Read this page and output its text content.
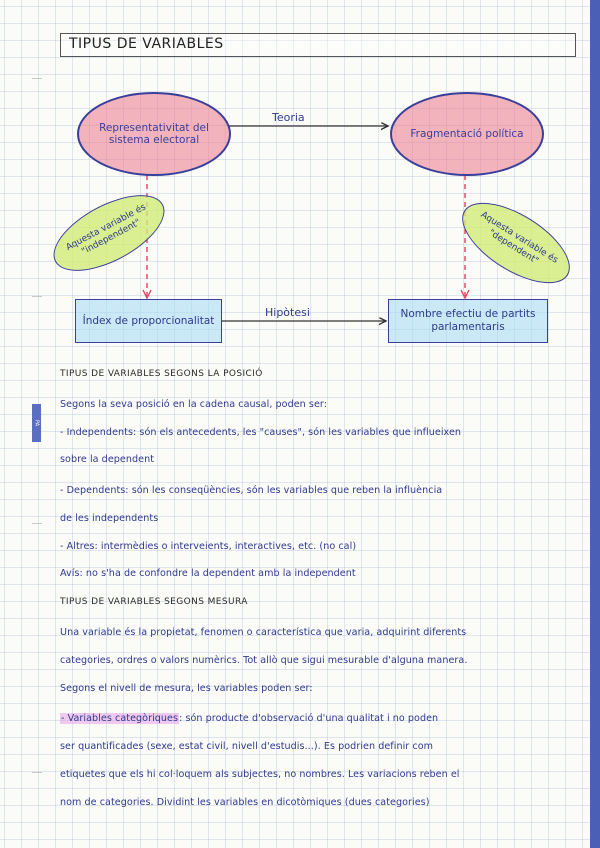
TIPUS DE VARIABLES
Representativitat del sistema electoral	Fragmentació política
Teoria
Aquesta variable és "independent"	Aquesta variable és "dependent"
Índex de proporcionalitat
Nombre efectiu de partits parlamentaris
Hipòtesi
PA
TIPUS DE VARIABLES SEGONS LA POSICIÓ
Segons la seva posició en la cadena causal, poden ser:
- Independents: són els antecedents, les "causes", són les variables que influeixen
sobre la dependent
- Dependents: són les conseqüències, són les variables que reben la influència
de les independents
- Altres: intermèdies o interveients, interactives, etc. (no cal)
Avís: no s'ha de confondre la dependent amb la independent
TIPUS DE VARIABLES SEGONS MESURA
Una variable és la propietat, fenomen o característica que varia, adquirint diferents
categories, ordres o valors numèrics. Tot allò que sigui mesurable d'alguna manera.
Segons el nivell de mesura, les variables poden ser:
- Variables categòriques: són producte d'observació d'una qualitat i no poden
ser quantificades (sexe, estat civil, nivell d'estudis...). Es podrien definir com
etiquetes que els hi col·loquem als subjectes, no nombres. Les variacions reben el
nom de categories. Dividint les variables en dicotòmiques (dues categories)
